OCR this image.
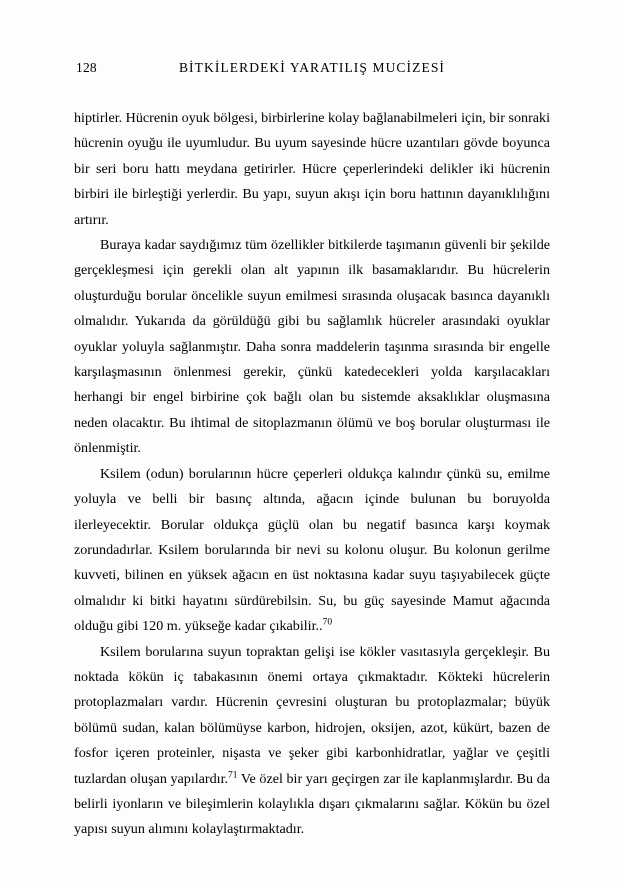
128	BİTKİLERDEKİ YARATILIŞ MUCİZESİ

hiptirler. Hücrenin oyuk bölgesi, birbirlerine kolay bağlanabilmeleri için, bir sonraki hücrenin oyuğu ile uyumludur. Bu uyum sayesinde hücre uzantıları gövde boyunca bir seri boru hattı meydana getirirler. Hücre çeperlerindeki delikler iki hücrenin birbiri ile birleştiği yerlerdir. Bu yapı, suyun akışı için boru hattının dayanıklılığını artırır.

Buraya kadar saydığımız tüm özellikler bitkilerde taşımanın güvenli bir şekilde gerçekleşmesi için gerekli olan alt yapının ilk basamaklarıdır. Bu hücrelerin oluşturduğu borular öncelikle suyun emilmesi sırasında oluşacak basınca dayanıklı olmalıdır. Yukarıda da görüldüğü gibi bu sağlamlık hücreler arasındaki oyuklar oyuklar yoluyla sağlanmıştır. Daha sonra maddelerin taşınma sırasında bir engelle karşılaşmasının önlenmesi gerekir, çünkü katedecekleri yolda karşılacakları herhangi bir engel birbirine çok bağlı olan bu sistemde aksaklıklar oluşmasına neden olacaktır. Bu ihtimal de sitoplazmanın ölümü ve boş borular oluşturması ile önlenmiştir.

Ksilem (odun) borularının hücre çeperleri oldukça kalındır çünkü su, emilme yoluyla ve belli bir basınç altında, ağacın içinde bulunan bu boruyolda ilerleyecektir. Borular oldukça güçlü olan bu negatif basınca karşı koymak zorundadırlar. Ksilem borularında bir nevi su kolonu oluşur. Bu kolonun gerilme kuvveti, bilinen en yüksek ağacın en üst noktasına kadar suyu taşıyabilecek güçte olmalıdır ki bitki hayatını sürdürebilsin. Su, bu güç sayesinde Mamut ağacında olduğu gibi 120 m. yükseğe kadar çıkabilir..$^{70}$

Ksilem borularına suyun topraktan gelişi ise kökler vasıtasıyla gerçekleşir. Bu noktada kökün iç tabakasının önemi ortaya çıkmaktadır. Kökteki hücrelerin protoplazmaları vardır. Hücrenin çevresini oluşturan bu protoplazmalar; büyük bölümü sudan, kalan bölümüyse karbon, hidrojen, oksijen, azot, kükürt, bazen de fosfor içeren proteinler, nişasta ve şeker gibi karbonhidratlar, yağlar ve çeşitli tuzlardan oluşan yapılardır.$^{71}$ Ve özel bir yarı geçirgen zar ile kaplanmışlardır. Bu da belirli iyonların ve bileşimlerin kolaylıkla dışarı çıkmalarını sağlar. Kökün bu özel yapısı suyun alımını kolaylaştırmaktadır.
